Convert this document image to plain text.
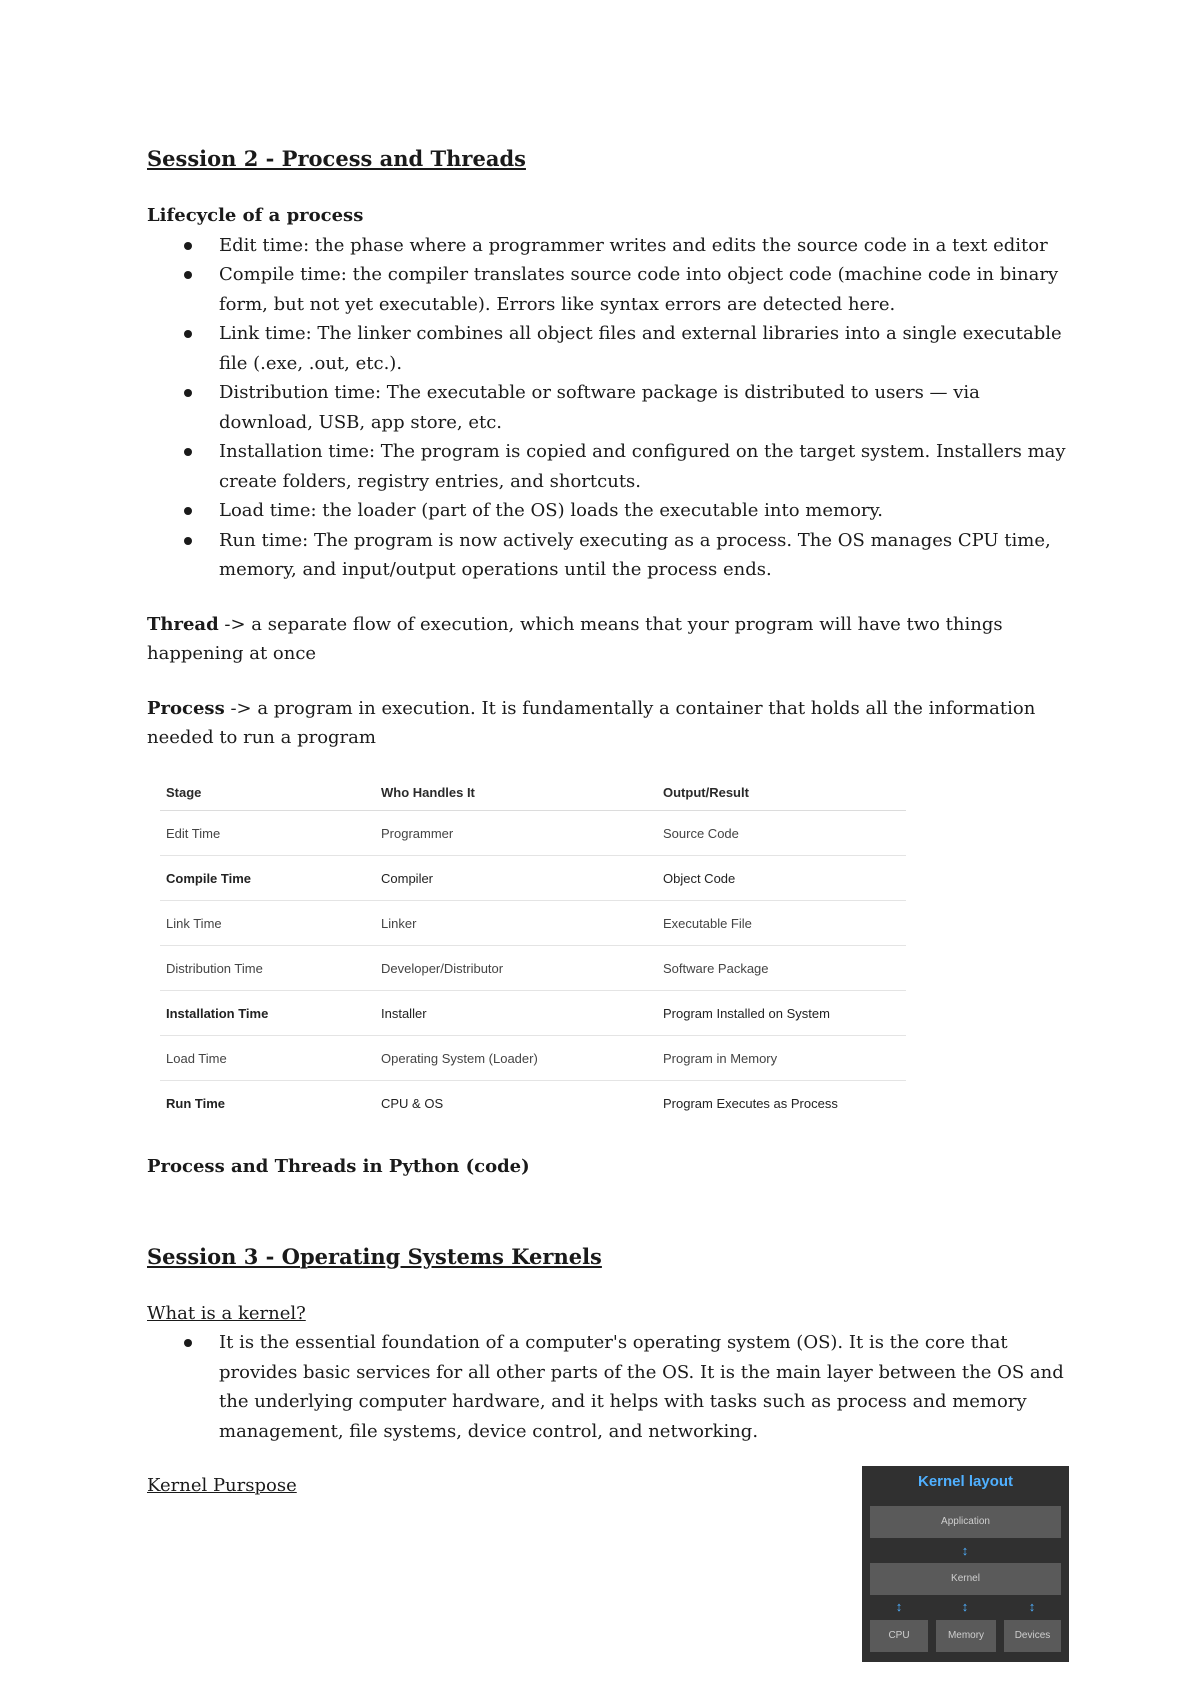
Session 2 - Process and Threads

Lifecycle of a process

Edit time: the phase where a programmer writes and edits the source code in a text editor
Compile time: the compiler translates source code into object code (machine code in binary form, but not yet executable). Errors like syntax errors are detected here.
Link time: The linker combines all object files and external libraries into a single executable file (.exe, .out, etc.).
Distribution time: The executable or software package is distributed to users — via download, USB, app store, etc.
Installation time: The program is copied and configured on the target system. Installers may create folders, registry entries, and shortcuts.
Load time: the loader (part of the OS) loads the executable into memory.
Run time: The program is now actively executing as a process. The OS manages CPU time, memory, and input/output operations until the process ends.

Thread -> a separate flow of execution, which means that your program will have two things happening at once

Process -> a program in execution. It is fundamentally a container that holds all the information needed to run a program

Stage	Who Handles It	Output/Result
Edit Time	Programmer	Source Code
Compile Time	Compiler	Object Code
Link Time	Linker	Executable File
Distribution Time	Developer/Distributor	Software Package
Installation Time	Installer	Program Installed on System
Load Time	Operating System (Loader)	Program in Memory
Run Time	CPU & OS	Program Executes as Process

Process and Threads in Python (code)

Session 3 - Operating Systems Kernels

What is a kernel?

It is the essential foundation of a computer's operating system (OS). It is the core that provides basic services for all other parts of the OS. It is the main layer between the OS and the underlying computer hardware, and it helps with tasks such as process and memory management, file systems, device control, and networking.

Kernel Purspose	Kernel layout
Application
↕
Kernel
↕	↕	↕
CPU	Memory	Devices
